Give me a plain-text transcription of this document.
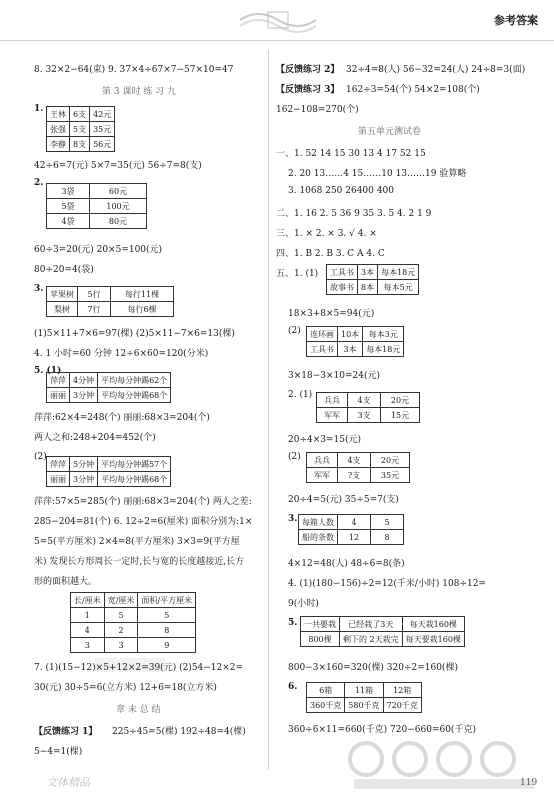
参考答案
8. 32×2−64(束) 9. 37×4÷67×7−57×10=47
第 3 课时 练 习 九
1. 王林	6支	42元
张强	5支	35元
李静	8支	56元
42÷6=7(元) 5×7=35(元) 56÷7=8(支)
2.
3袋	60元
5袋	100元
4袋	80元
60÷3=20(元) 20×5=100(元)
80÷20=4(袋)
3. 苹果树	5行	每行11棵
梨树	7行	每行6棵
(1)5×11+7×6=97(棵) (2)5×11−7×6=13(棵)
4. 1 小时=60 分钟 12÷6×60=120(分米)
5. (1)
萍萍	4分钟	平均每分钟踢62个
丽丽	3分钟	平均每分钟踢68个
萍萍:62×4=248(个) 丽丽:68×3=204(个)
两人之和:248+204=452(个)
(2)
萍萍	5分钟	平均每分钟踢57个
丽丽	3分钟	平均每分钟踢68个
萍萍:57×5=285(个) 丽丽:68×3=204(个) 两人之差:
285−204=81(个) 6. 12÷2=6(厘米) 面积分别为:1×
5=5(平方厘米) 2×4=8(平方厘米) 3×3=9(平方厘
米) 发现长方形周长一定时,长与宽的长度越接近,长方
形的面积越大。
长/厘米	宽/厘米	面积/平方厘米
1	5	5
4	2	8
3	3	9
7. (1)(15−12)×5+12×2=39(元) (2)54−12×2=
30(元) 30÷5=6(立方米) 12+6=18(立方米)
章 末 总 结
【反馈练习 1】 225÷45=5(棵) 192÷48=4(棵)
5−4=1(棵)
文体精品
【反馈练习 2】 32÷4=8(人) 56−32=24(人) 24÷8=3(面)
【反馈练习 3】 162÷3=54(个) 54×2=108(个)
162−108=270(个)
第五单元测试卷
一、1. 52 14 15 30 13 4 17 52 15
2. 20 13……4 15……10 13……19 验算略
3. 1068 250 26400 400
二、1. 16 2. 5 36 9 35 3. 5 4. 2 1 9
三、1. × 2. × 3. √ 4. ×
四、1. B 2. B 3. C A 4. C
五、1. (1) 工具书	3本	每本18元
故事书	8本	每本5元
18×3+8×5=94(元)
(2) 连环画	10本	每本3元
工具书	3本	每本18元
3×18−3×10=24(元)
2. (1) 兵兵	4支	20元
军军	3支	15元
20÷4×3=15(元)
(2) 兵兵	4支	20元
军军	?支	35元
20÷4=5(元) 35÷5=7(支)
3. 每箱人数	4	5
船的条数	12	8
4×12=48(人) 48÷6=8(条)
4. (1)(180−156)÷2=12(千米/小时) 108÷12=
9(小时)
5. 一共要栽	已经栽了3天	每天栽160棵
800棵	剩下的 2天栽完	每天要栽160棵
800−3×160=320(棵) 320÷2=160(棵)
6.	6箱	11箱	12箱
360千克	580千克	720千克
360÷6×11=660(千克) 720−660=60(千克)
119
